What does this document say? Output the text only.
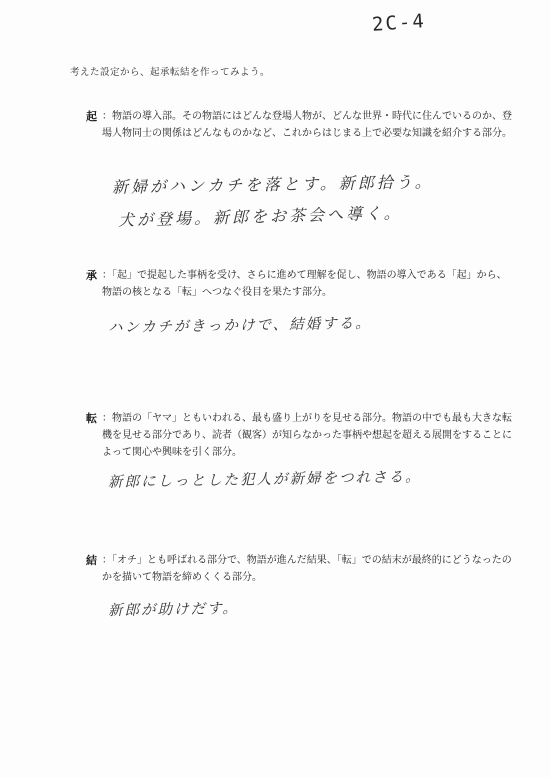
2C-4
考えた設定から、起承転結を作ってみよう。
起 ：物語の導入部。その物語にはどんな登場人物が、どんな世界・時代に住んでいるのか、登場人物同士の関係はどんなものかなど、これからはじまる上で必要な知識を紹介する部分。
新婦がハンカチを落とす。新郎拾う。
犬が登場。新郎をお茶会へ導く。
承 ：「起」で提起した事柄を受け、さらに進めて理解を促し、物語の導入である「起」から、物語の核となる「転」へつなぐ役目を果たす部分。
ハンカチがきっかけで、結婚する。
転 ：物語の「ヤマ」ともいわれる、最も盛り上がりを見せる部分。物語の中でも最も大きな転機を見せる部分であり、読者（観客）が知らなかった事柄や想起を超える展開をすることによって関心や興味を引く部分。
新郎にしっとした犯人が新婦をつれさる。
結 ：「オチ」とも呼ばれる部分で、物語が進んだ結果、「転」での結末が最終的にどうなったのかを描いて物語を締めくくる部分。
新郎が助けだす。
